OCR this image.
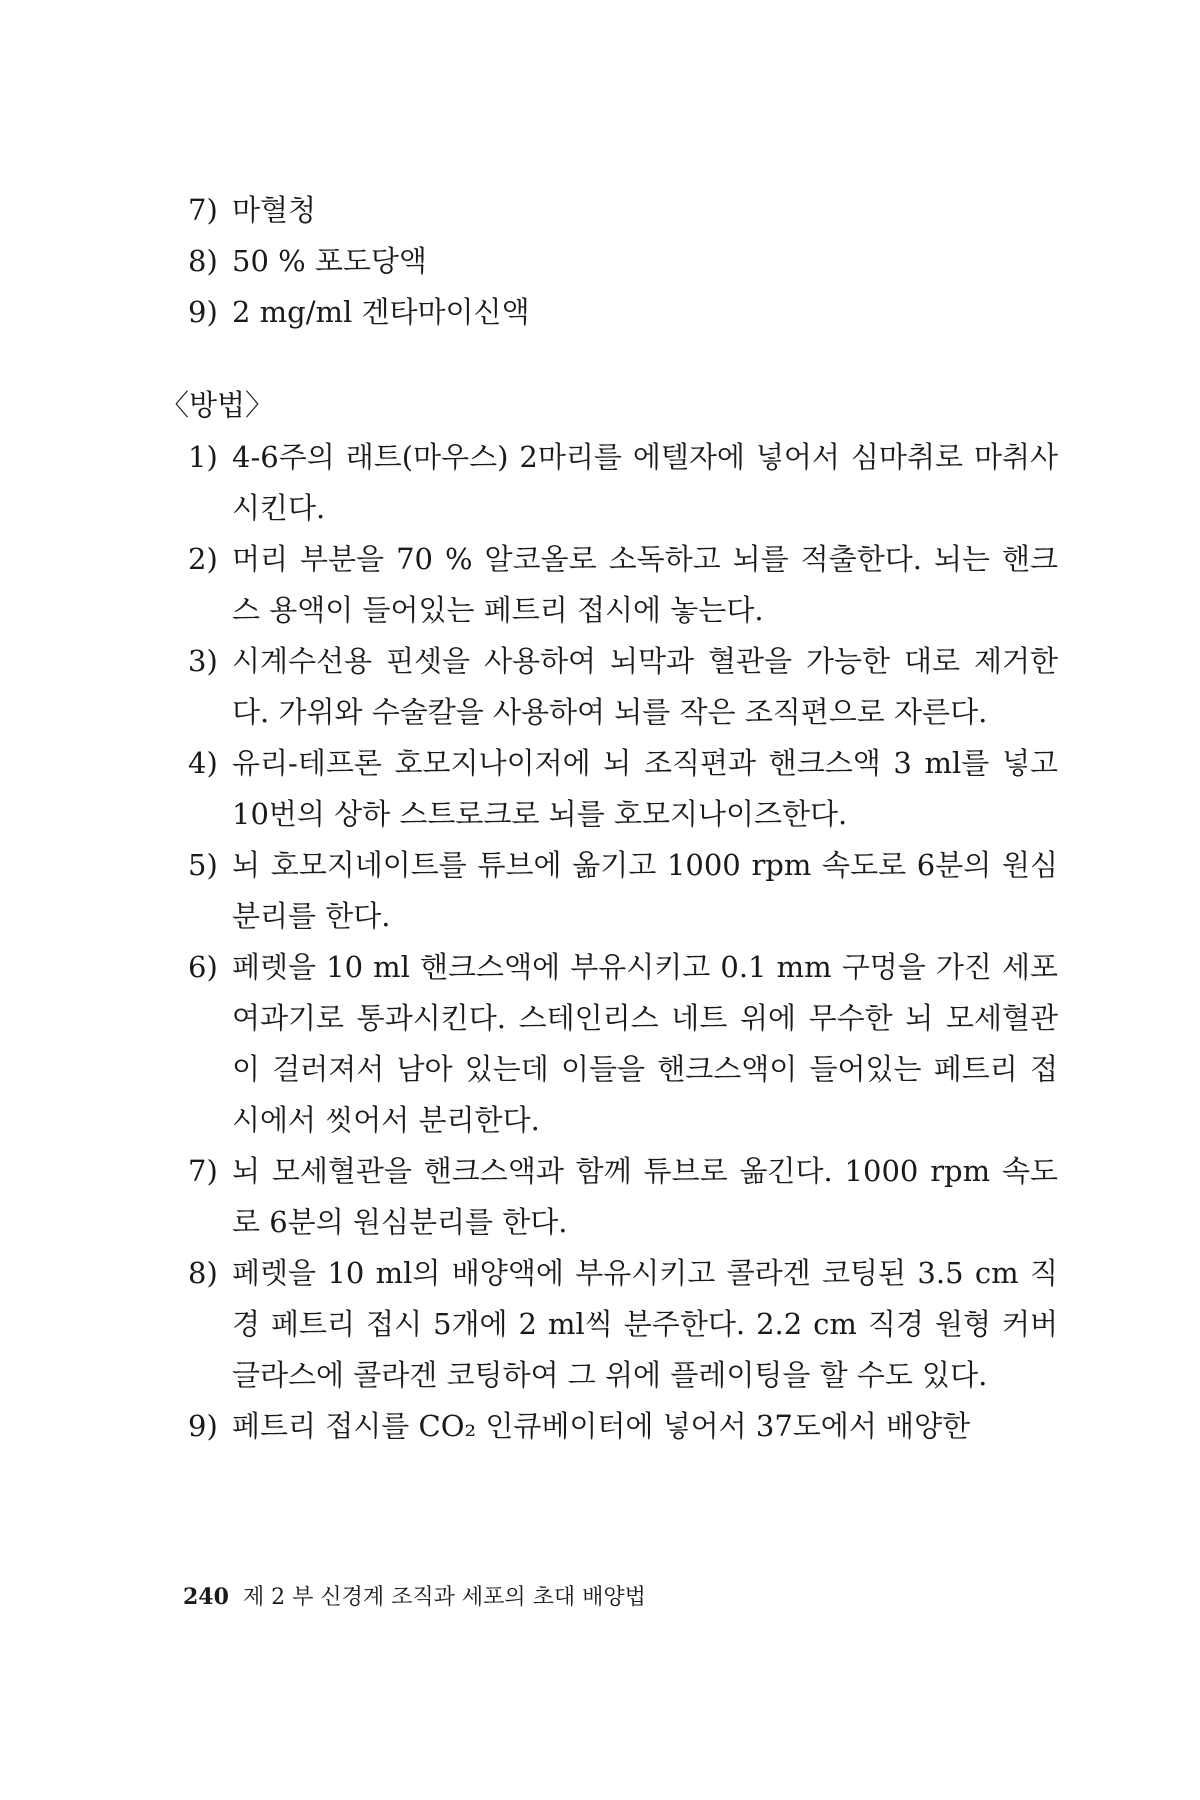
7) 마혈청
8) 50 % 포도당액
9) 2 mg/ml 겐타마이신액
〈방법〉
1) 4-6주의 래트(마우스) 2마리를 에텔자에 넣어서 심마취로 마취사시킨다.
2) 머리 부분을 70 % 알코올로 소독하고 뇌를 적출한다. 뇌는 핸크스 용액이 들어있는 페트리 접시에 놓는다.
3) 시계수선용 핀셋을 사용하여 뇌막과 혈관을 가능한 대로 제거한다. 가위와 수술칼을 사용하여 뇌를 작은 조직편으로 자른다.
4) 유리-테프론 호모지나이저에 뇌 조직편과 핸크스액 3 ml를 넣고 10번의 상하 스트로크로 뇌를 호모지나이즈한다.
5) 뇌 호모지네이트를 튜브에 옮기고 1000 rpm 속도로 6분의 원심분리를 한다.
6) 페렛을 10 ml 핸크스액에 부유시키고 0.1 mm 구멍을 가진 세포여과기로 통과시킨다. 스테인리스 네트 위에 무수한 뇌 모세혈관이 걸러져서 남아 있는데 이들을 핸크스액이 들어있는 페트리 접시에서 씻어서 분리한다.
7) 뇌 모세혈관을 핸크스액과 함께 튜브로 옮긴다. 1000 rpm 속도로 6분의 원심분리를 한다.
8) 페렛을 10 ml의 배양액에 부유시키고 콜라겐 코팅된 3.5 cm 직경 페트리 접시 5개에 2 ml씩 분주한다. 2.2 cm 직경 원형 커버글라스에 콜라겐 코팅하여 그 위에 플레이팅을 할 수도 있다.
9) 페트리 접시를 CO₂ 인큐베이터에 넣어서 37도에서 배양한
240 제 2 부 신경계 조직과 세포의 초대 배양법
